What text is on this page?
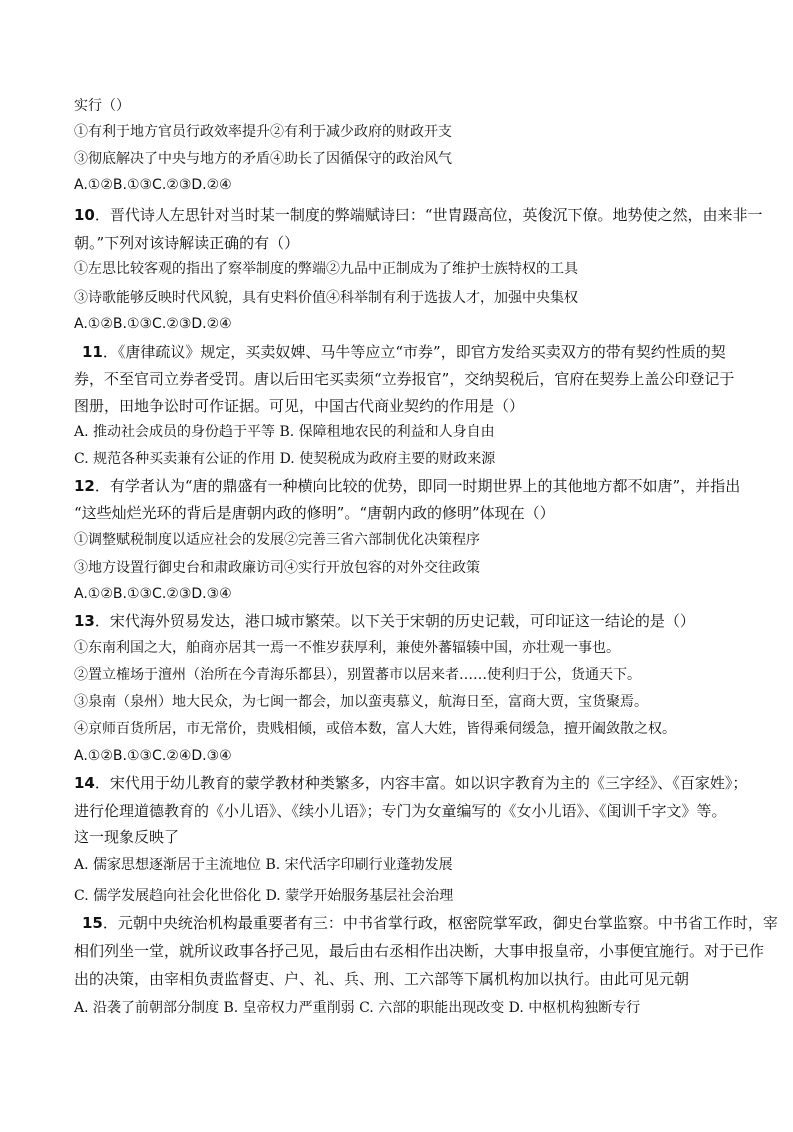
实行（）
①有利于地方官员行政效率提升②有利于减少政府的财政开支
③彻底解决了中央与地方的矛盾④助长了因循保守的政治风气
A.①②B.①③C.②③D.②④
10．晋代诗人左思针对当时某一制度的弊端赋诗曰：“世胄蹑高位，英俊沉下僚。地势使之然，由来非一
朝。”下列对该诗解读正确的有（）
①左思比较客观的指出了察举制度的弊端②九品中正制成为了维护士族特权的工具
③诗歌能够反映时代风貌，具有史料价值④科举制有利于选拔人才，加强中央集权
A.①②B.①③C.②③D.②④
11．《唐律疏议》规定，买卖奴婢、马牛等应立“市券”，即官方发给买卖双方的带有契约性质的契
券，不至官司立券者受罚。唐以后田宅买卖须“立券报官”，交纳契税后，官府在契券上盖公印登记于
图册，田地争讼时可作证据。可见，中国古代商业契约的作用是（）
A. 推动社会成员的身份趋于平等 B. 保障租地农民的利益和人身自由
C. 规范各种买卖兼有公证的作用 D. 使契税成为政府主要的财政来源
12．有学者认为“唐的鼎盛有一种横向比较的优势，即同一时期世界上的其他地方都不如唐”，并指出
“这些灿烂光环的背后是唐朝内政的修明”。“唐朝内政的修明”体现在（）
①调整赋税制度以适应社会的发展②完善三省六部制优化决策程序
③地方设置行御史台和肃政廉访司④实行开放包容的对外交往政策
A.①②B.①③C.②③D.③④
13．宋代海外贸易发达，港口城市繁荣。以下关于宋朝的历史记载，可印证这一结论的是（）
①东南利国之大，舶商亦居其一焉一不惟岁获厚利，兼使外蕃辐辏中国，亦壮观一事也。
②置立榷场于澶州（治所在今青海乐都县），别置蕃市以居来者……使利归于公，货通天下。
③泉南（泉州）地大民众，为七闽一都会，加以蛮夷慕义，航海日至，富商大贾，宝货聚焉。
④京师百货所居，市无常价，贵贱相倾，或倍本数，富人大姓，皆得乘伺缓急，擅开阖敛散之权。
A.①②B.①③C.②④D.③④
14．宋代用于幼儿教育的蒙学教材种类繁多，内容丰富。如以识字教育为主的《三字经》、《百家姓》；
进行伦理道德教育的《小儿语》、《续小儿语》；专门为女童编写的《女小儿语》、《闺训千字文》等。
这一现象反映了
A. 儒家思想逐渐居于主流地位 B. 宋代活字印刷行业蓬勃发展
C. 儒学发展趋向社会化世俗化 D. 蒙学开始服务基层社会治理
15．元朝中央统治机构最重要者有三：中书省掌行政，枢密院掌军政，御史台掌监察。中书省工作时，宰
相们列坐一堂，就所议政事各抒己见，最后由右丞相作出决断，大事申报皇帝，小事便宜施行。对于已作
出的决策，由宰相负责监督吏、户、礼、兵、刑、工六部等下属机构加以执行。由此可见元朝
A. 沿袭了前朝部分制度 B. 皇帝权力严重削弱 C. 六部的职能出现改变 D. 中枢机构独断专行
